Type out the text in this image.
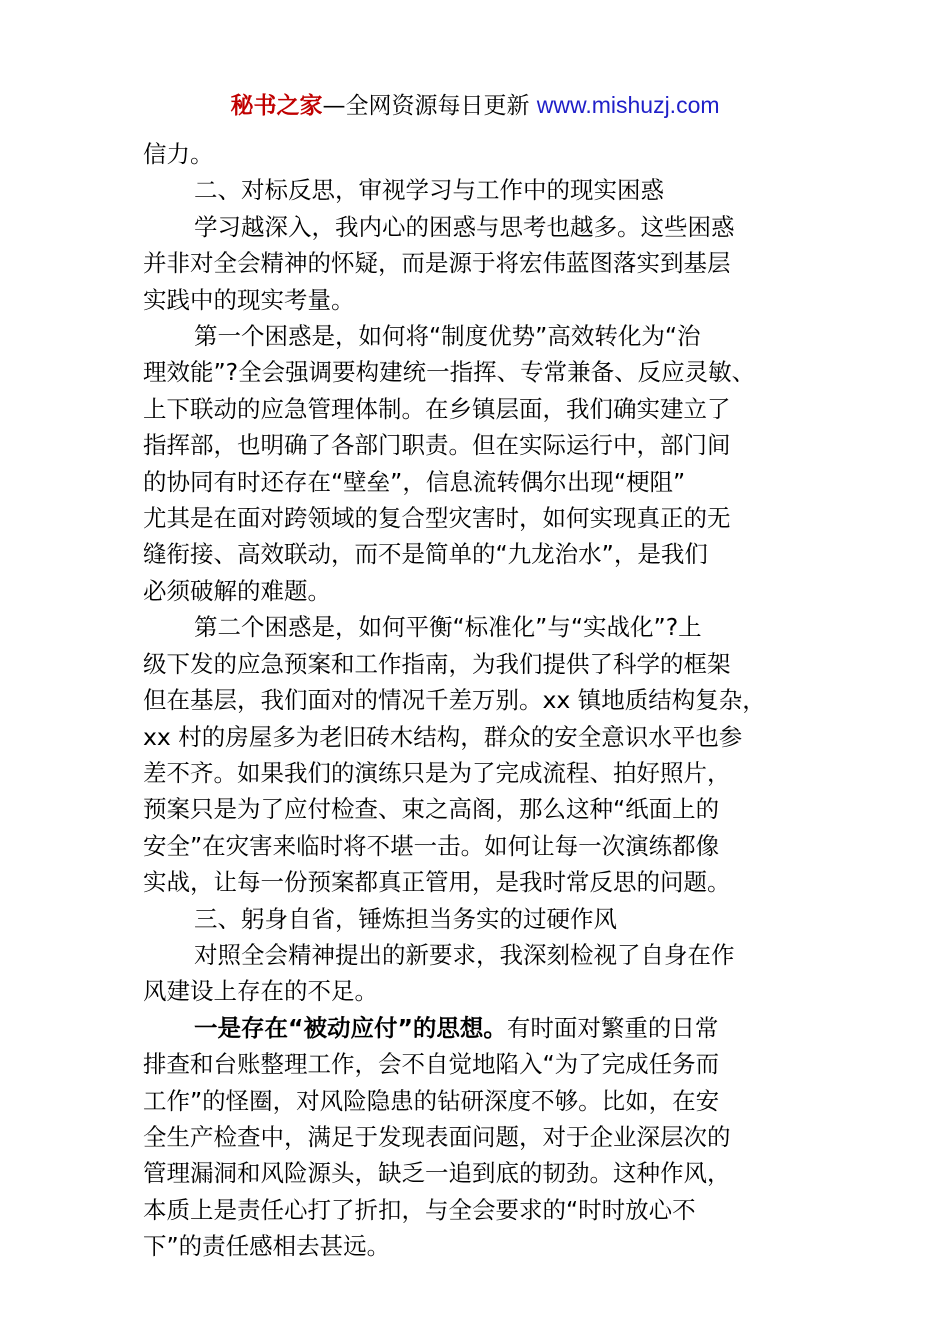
秘书之家—全网资源每日更新 www.mishuzj.com

信力。

二、对标反思，审视学习与工作中的现实困惑

学习越深入，我内心的困惑与思考也越多。这些困惑

并非对全会精神的怀疑，而是源于将宏伟蓝图落实到基层

实践中的现实考量。

第一个困惑是，如何将“制度优势”高效转化为“治

理效能”?全会强调要构建统一指挥、专常兼备、反应灵敏、

上下联动的应急管理体制。在乡镇层面，我们确实建立了

指挥部，也明确了各部门职责。但在实际运行中，部门间

的协同有时还存在“壁垒”，信息流转偶尔出现“梗阻”

尤其是在面对跨领域的复合型灾害时，如何实现真正的无

缝衔接、高效联动，而不是简单的“九龙治水”，是我们

必须破解的难题。

第二个困惑是，如何平衡“标准化”与“实战化”?上

级下发的应急预案和工作指南，为我们提供了科学的框架

但在基层，我们面对的情况千差万别。xx 镇地质结构复杂，

xx 村的房屋多为老旧砖木结构，群众的安全意识水平也参

差不齐。如果我们的演练只是为了完成流程、拍好照片，

预案只是为了应付检查、束之高阁，那么这种“纸面上的

安全”在灾害来临时将不堪一击。如何让每一次演练都像

实战，让每一份预案都真正管用，是我时常反思的问题。

三、躬身自省，锤炼担当务实的过硬作风

对照全会精神提出的新要求，我深刻检视了自身在作

风建设上存在的不足。

一是存在“被动应付”的思想。有时面对繁重的日常

排查和台账整理工作，会不自觉地陷入“为了完成任务而

工作”的怪圈，对风险隐患的钻研深度不够。比如，在安

全生产检查中，满足于发现表面问题，对于企业深层次的

管理漏洞和风险源头，缺乏一追到底的韧劲。这种作风，

本质上是责任心打了折扣，与全会要求的“时时放心不

下”的责任感相去甚远。
